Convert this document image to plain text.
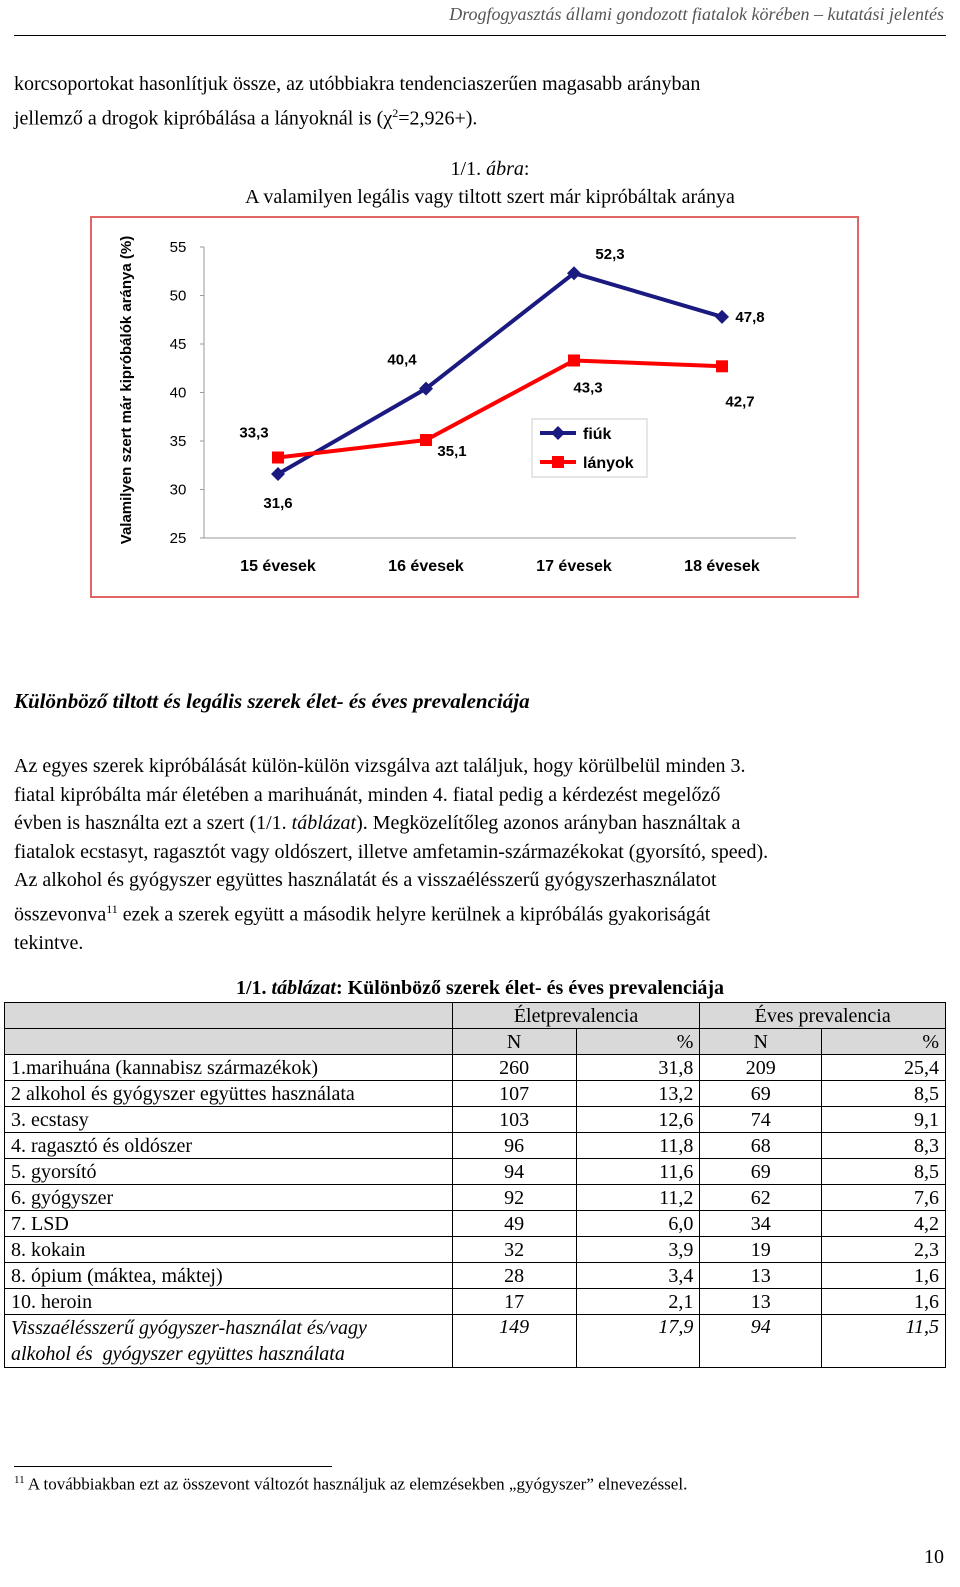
Drogfogyasztás állami gondozott fiatalok körében – kutatási jelentés
korcsoportokat hasonlítjuk össze, az utóbbiakra tendenciaszerűen magasabb arányban
jellemző a drogok kipróbálása a lányoknál is $(\chi^2=2,926+)$.
1/1. ábra:
A valamilyen legális vagy tiltott szert már kipróbáltak aránya
Valamilyen szert már kipróbálók aránya (%) 55
50
45
40
35
30
25
15 évesek	16 évesek	17 évesek	18 évesek
31,6
40,4
52,3
47,8
33,3
35,1
43,3
42,7
fiúk
lányok
Különböző tiltott és legális szerek élet- és éves prevalenciája
Az egyes szerek kipróbálását külön-külön vizsgálva azt találjuk, hogy körülbelül minden 3.
fiatal kipróbálta már életében a marihuánát, minden 4. fiatal pedig a kérdezést megelőző
évben is használta ezt a szert (1/1. táblázat). Megközelítőleg azonos arányban használtak a
fiatalok ecstasyt, ragasztót vagy oldószert, illetve amfetamin-származékokat (gyorsító, speed).
Az alkohol és gyógyszer együttes használatát és a visszaélésszerű gyógyszerhasználatot
összevonva$^{11}$ ezek a szerek együtt a második helyre kerülnek a kipróbálás gyakoriságát
tekintve.
1/1. táblázat: Különböző szerek élet- és éves prevalenciája
	Életprevalencia		Éves prevalencia	
	N	%	N	%
1.marihuána (kannabisz származékok)	260	31,8	209	25,4
2 alkohol és gyógyszer együttes használata	107	13,2	69	8,5
3. ecstasy	103	12,6	74	9,1
4. ragasztó és oldószer	96	11,8	68	8,3
5. gyorsító	94	11,6	69	8,5
6. gyógyszer	92	11,2	62	7,6
7. LSD	49	6,0	34	4,2
8. kokain	32	3,9	19	2,3
8. ópium (máktea, máktej)	28	3,4	13	1,6
10. heroin	17	2,1	13	1,6

Visszaélésszerű gyógyszer-használat és/vagy
alkohol és  gyógyszer együttes használata	149	17,9	94	11,5
$^{11}$ A továbbiakban ezt az összevont változót használjuk az elemzésekben „gyógyszer” elnevezéssel.
10
